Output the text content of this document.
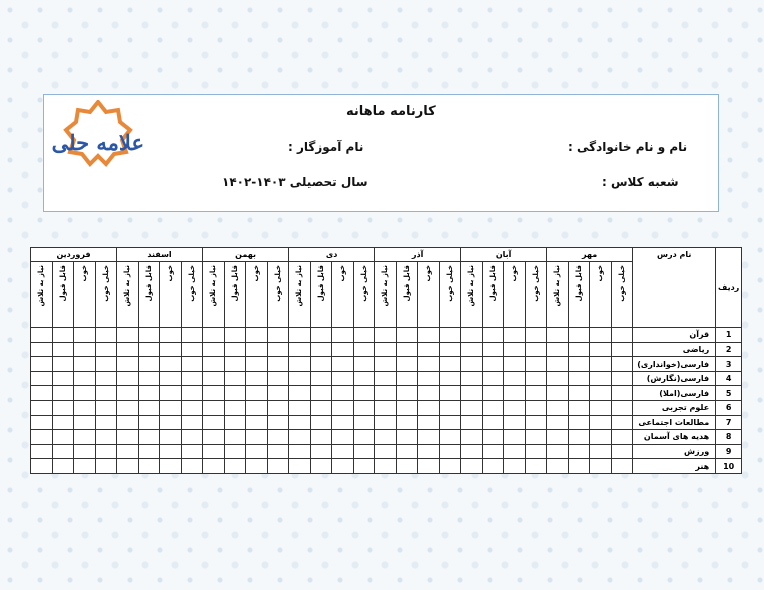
کارنامه ماهانه
نام و نام خانوادگی :
نام آموزگار :
شعبه کلاس :
سال تحصیلی ۱۴۰۳-۱۴۰۲
علامه حلی
ردیف	نام درس	مهر				آبان				آذر				دی				بهمن				اسفند				فروردین			
		خیلی خوب	خوب	قابل قبول	نیاز به تلاش	خیلی خوب	خوب	قابل قبول	نیاز به تلاش	خیلی خوب	خوب	قابل قبول	نیاز به تلاش	خیلی خوب	خوب	قابل قبول	نیاز به تلاش	خیلی خوب	خوب	قابل قبول	نیاز به تلاش	خیلی خوب	خوب	قابل قبول	نیاز به تلاش	خیلی خوب	خوب	قابل قبول	نیاز به تلاش
1	قرآن																												
2	ریاضی																												
3	فارسی(خوانداری)																												
4	فارسی(نگارش)																												
5	فارسی(املا)																												
6	علوم تجربی																												
7	مطالعات اجتماعی																												
8	هدیه های آسمان																												
9	ورزش																												
10	هنر																												
